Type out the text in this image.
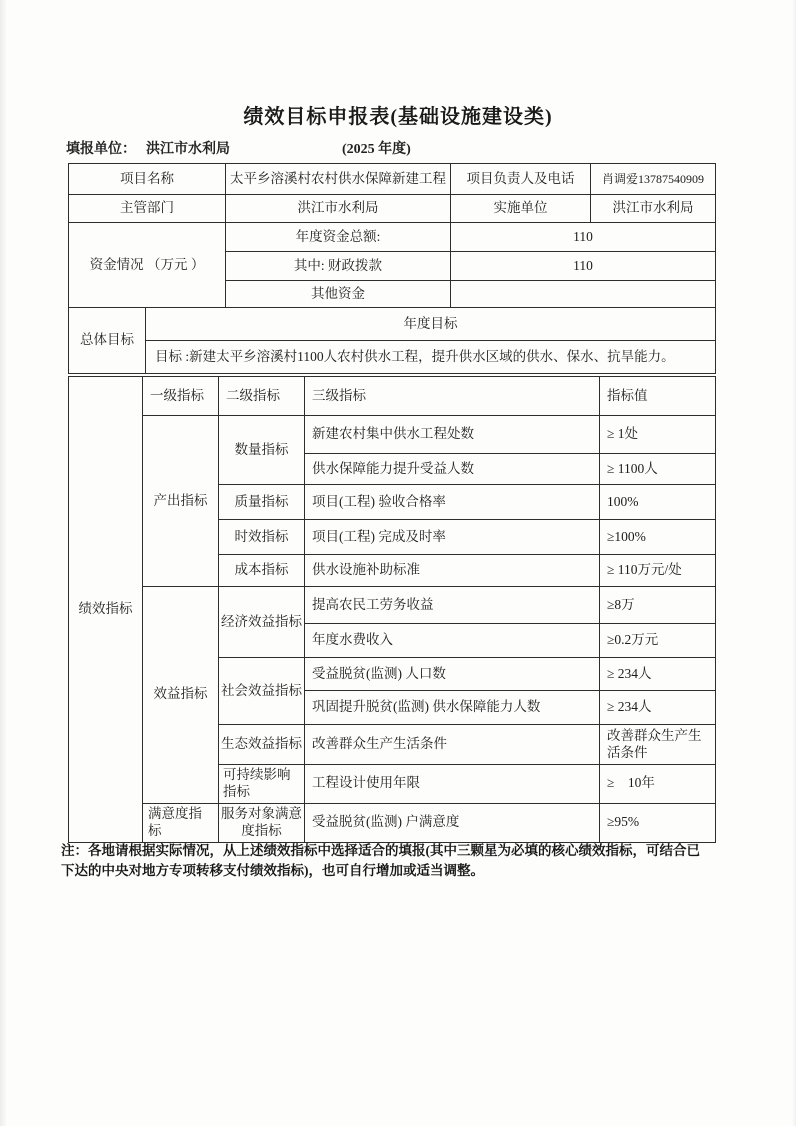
绩效目标申报表(基础设施建设类)
填报单位： 洪江市水利局	(2025 年度)
项目名称	太平乡溶溪村农村供水保障新建工程	项目负责人及电话	肖调爱13787540909
主管部门	洪江市水利局	实施单位	洪江市水利局
资金情况 （万元 ）	年度资金总额:	110	
	其中: 财政拨款	110	
	其他资金		
总体目标	年度目标
目标 :新建太平乡溶溪村1100人农村供水工程，提升供水区域的供水、保水、抗旱能力。
绩效指标	一级指标	二级指标	三级指标	指标值
	产出指标	数量指标	新建农村集中供水工程处数	≥ 1处
			供水保障能力提升受益人数	≥ 1100人
		质量指标	项目(工程) 验收合格率	100%
		时效指标	项目(工程) 完成及时率	≥100%
		成本指标	供水设施补助标准	≥ 110万元/处
	效益指标	经济效益指标	提高农民工劳务收益	≥8万
			年度水费收入	≥0.2万元
		社会效益指标	受益脱贫(监测) 人口数	≥ 234人
			巩固提升脱贫(监测) 供水保障能力人数	≥ 234人
		生态效益指标	改善群众生产生活条件	改善群众生产生活条件
		可持续影响指标	工程设计使用年限	≥　10年
	满意度指标	服务对象满意度指标	受益脱贫(监测) 户满意度	≥95%
注：各地请根据实际情况，从上述绩效指标中选择适合的填报(其中三颗星为必填的核心绩效指标，可结合已
下达的中央对地方专项转移支付绩效指标)，也可自行增加或适当调整。
